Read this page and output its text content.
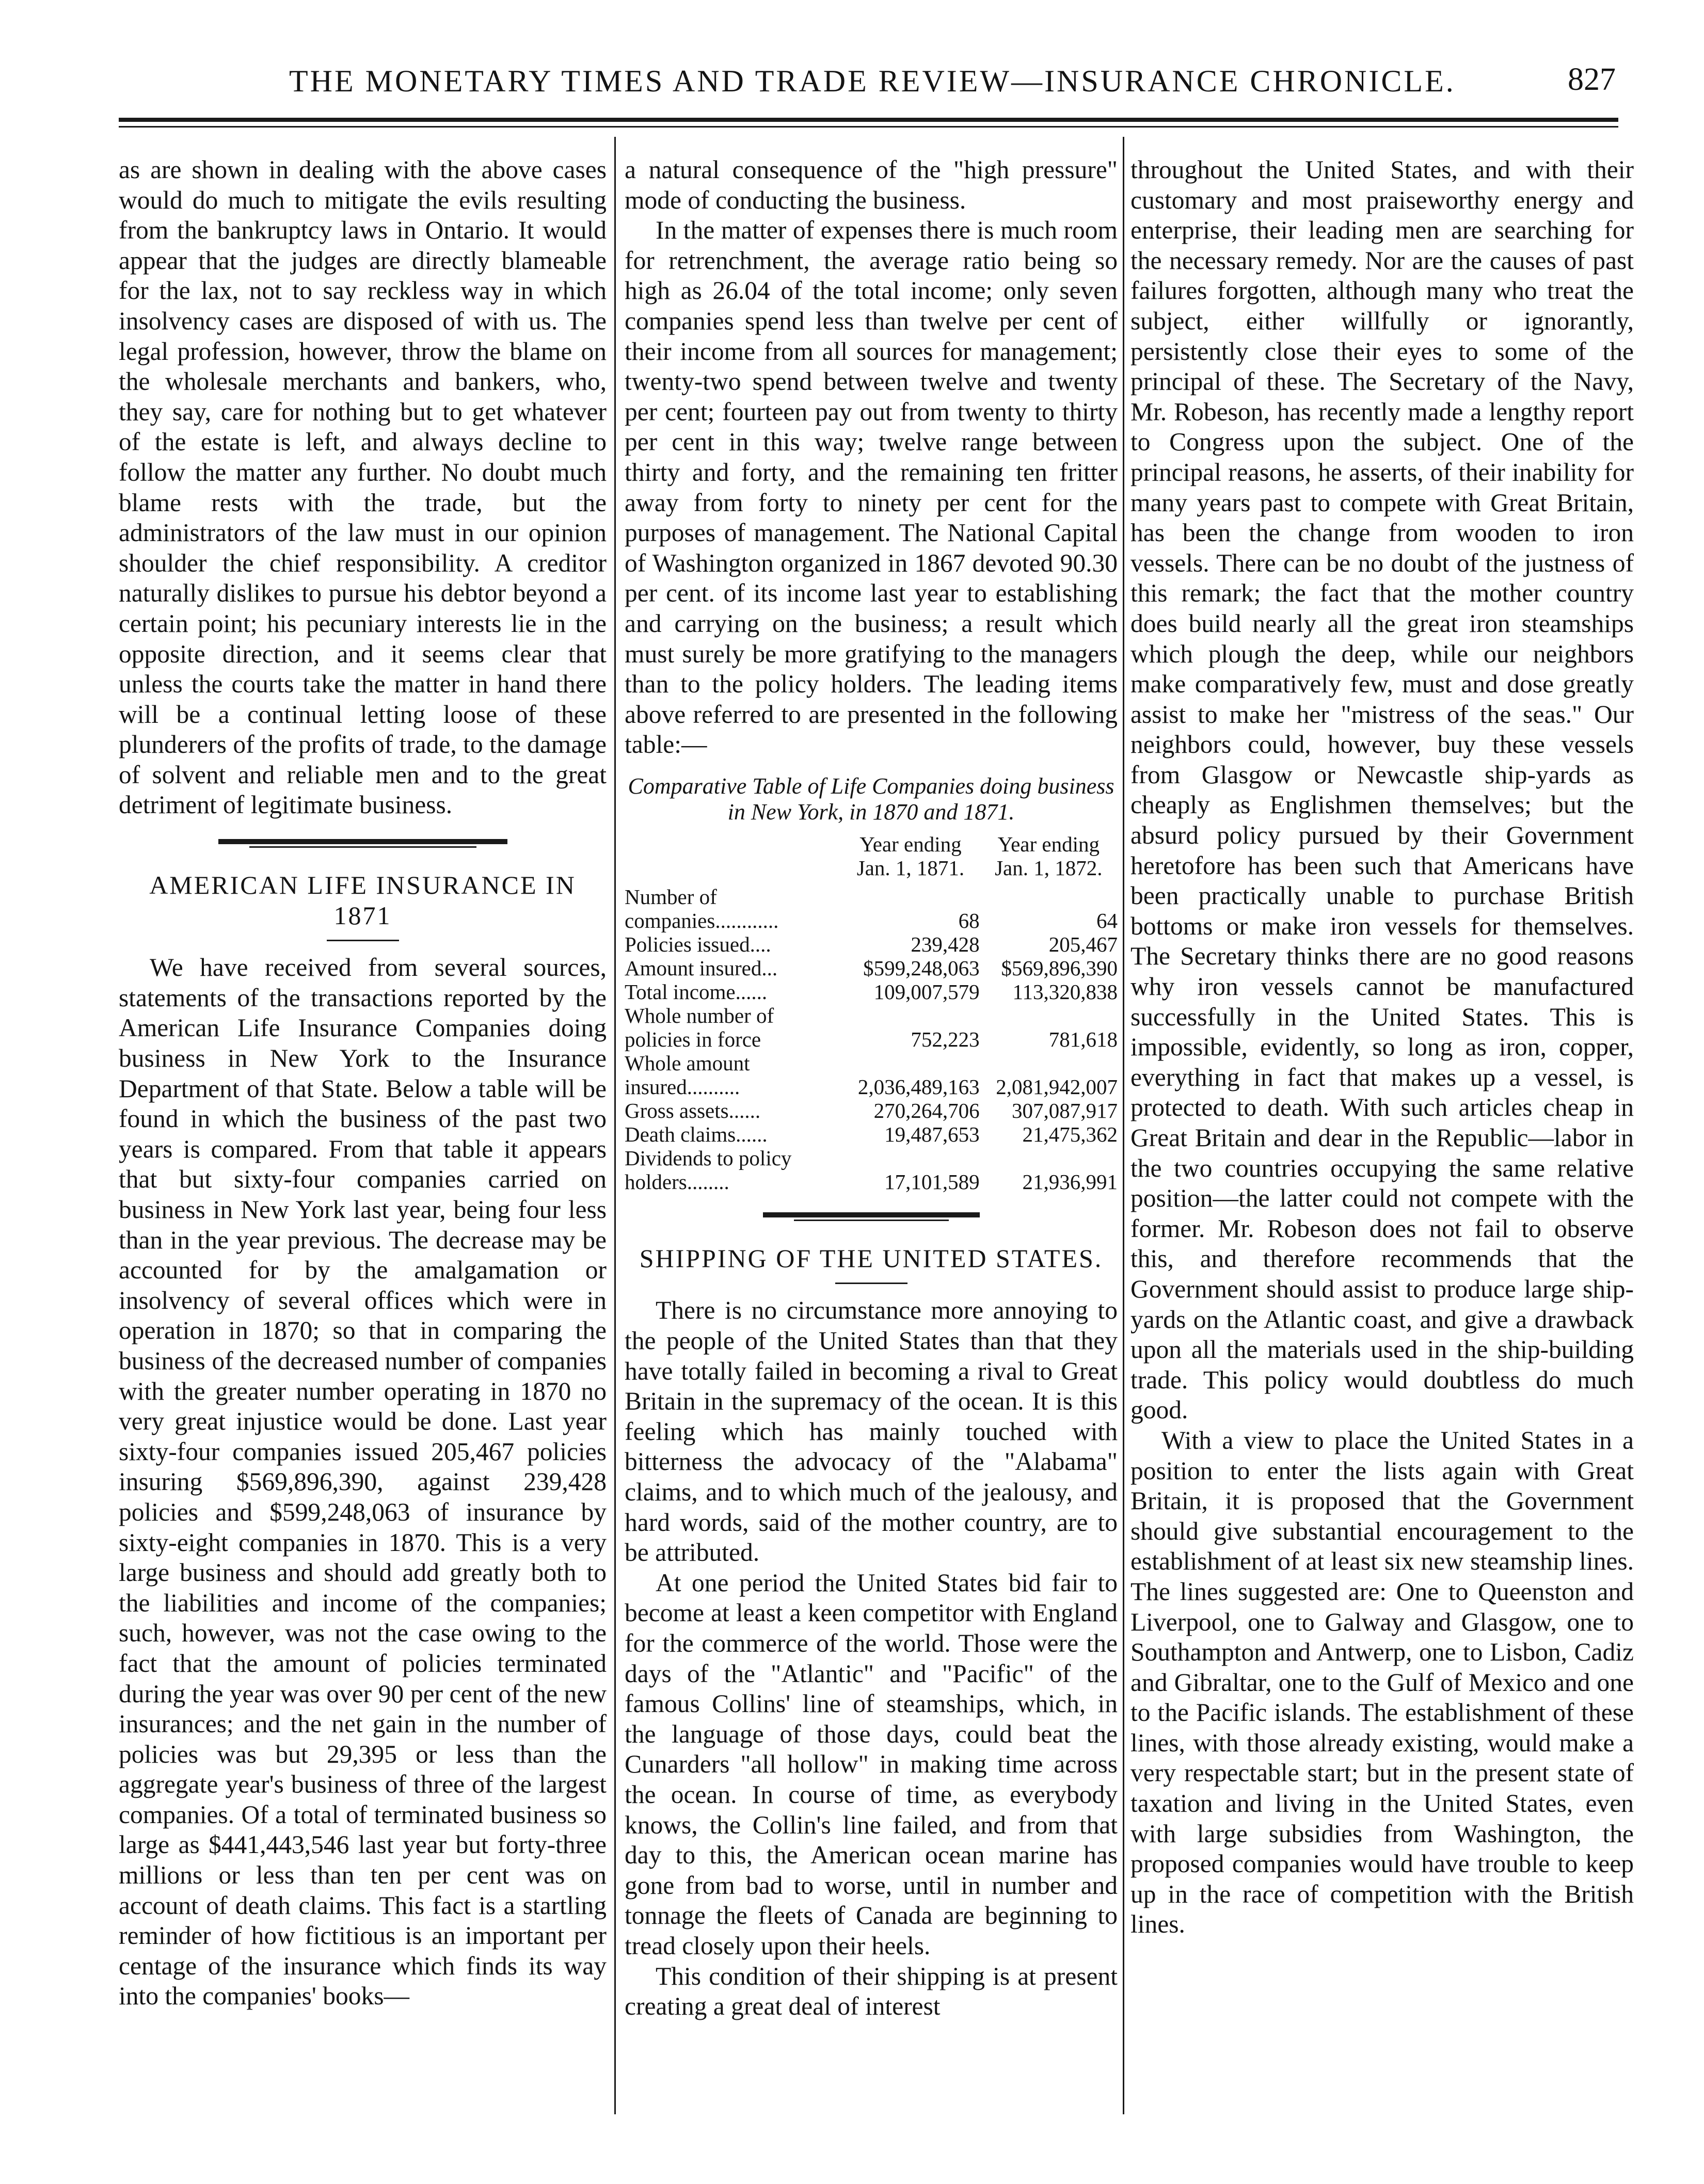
THE MONETARY TIMES AND TRADE REVIEW—INSURANCE CHRONICLE.	827

as are shown in dealing with the above cases would do much to mitigate the evils resulting from the bankruptcy laws in Ontario. It would appear that the judges are directly blameable for the lax, not to say reckless way in which insolvency cases are disposed of with us. The legal profession, however, throw the blame on the wholesale merchants and bankers, who, they say, care for nothing but to get whatever of the estate is left, and always decline to follow the matter any further. No doubt much blame rests with the trade, but the administrators of the law must in our opinion shoulder the chief responsibility. A creditor naturally dislikes to pursue his debtor beyond a certain point; his pecuniary interests lie in the opposite direction, and it seems clear that unless the courts take the matter in hand there will be a continual letting loose of these plunderers of the profits of trade, to the damage of solvent and reliable men and to the great detriment of legitimate business.

AMERICAN LIFE INSURANCE IN 1871

We have received from several sources, statements of the transactions reported by the American Life Insurance Companies doing business in New York to the Insurance Department of that State. Below a table will be found in which the business of the past two years is compared. From that table it appears that but sixty-four companies carried on business in New York last year, being four less than in the year previous. The decrease may be accounted for by the amalgamation or insolvency of several offices which were in operation in 1870; so that in comparing the business of the decreased number of companies with the greater number operating in 1870 no very great injustice would be done. Last year sixty-four companies issued 205,467 policies insuring $569,896,390, against 239,428 policies and $599,248,063 of insurance by sixty-eight companies in 1870. This is a very large business and should add greatly both to the liabilities and income of the companies; such, however, was not the case owing to the fact that the amount of policies terminated during the year was over 90 per cent of the new insurances; and the net gain in the number of policies was but 29,395 or less than the aggregate year's business of three of the largest companies. Of a total of terminated business so large as $441,443,546 last year but forty-three millions or less than ten per cent was on account of death claims. This fact is a startling reminder of how fictitious is an important per centage of the insurance which finds its way into the companies' books—

a natural consequence of the "high pressure" mode of conducting the business.

In the matter of expenses there is much room for retrenchment, the average ratio being so high as 26.04 of the total income; only seven companies spend less than twelve per cent of their income from all sources for management; twenty-two spend between twelve and twenty per cent; fourteen pay out from twenty to thirty per cent in this way; twelve range between thirty and forty, and the remaining ten fritter away from forty to ninety per cent for the purposes of management. The National Capital of Washington organized in 1867 devoted 90.30 per cent. of its income last year to establishing and carrying on the business; a result which must surely be more gratifying to the managers than to the policy holders. The leading items above referred to are presented in the following table:—

Comparative Table of Life Companies doing business in New York, in 1870 and 1871.
	Year ending Jan. 1, 1871.	Year ending Jan. 1, 1872.
Number of companies............	68	64
Policies issued....	239,428	205,467
Amount insured...	$599,248,063	$569,896,390
Total income......	109,007,579	113,320,838
Whole number of policies in force	752,223	781,618
Whole amount insured..........	2,036,489,163	2,081,942,007
Gross assets......	270,264,706	307,087,917
Death claims......	19,487,653	21,475,362
Dividends to policy holders........	17,101,589	21,936,991
SHIPPING OF THE UNITED STATES.

There is no circumstance more annoying to the people of the United States than that they have totally failed in becoming a rival to Great Britain in the supremacy of the ocean. It is this feeling which has mainly touched with bitterness the advocacy of the "Alabama" claims, and to which much of the jealousy, and hard words, said of the mother country, are to be attributed.

At one period the United States bid fair to become at least a keen competitor with England for the commerce of the world. Those were the days of the "Atlantic" and "Pacific" of the famous Collins' line of steamships, which, in the language of those days, could beat the Cunarders "all hollow" in making time across the ocean. In course of time, as everybody knows, the Collin's line failed, and from that day to this, the American ocean marine has gone from bad to worse, until in number and tonnage the fleets of Canada are beginning to tread closely upon their heels.

This condition of their shipping is at present creating a great deal of interest

throughout the United States, and with their customary and most praiseworthy energy and enterprise, their leading men are searching for the necessary remedy. Nor are the causes of past failures forgotten, although many who treat the subject, either willfully or ignorantly, persistently close their eyes to some of the principal of these. The Secretary of the Navy, Mr. Robeson, has recently made a lengthy report to Congress upon the subject. One of the principal reasons, he asserts, of their inability for many years past to compete with Great Britain, has been the change from wooden to iron vessels. There can be no doubt of the justness of this remark; the fact that the mother country does build nearly all the great iron steamships which plough the deep, while our neighbors make comparatively few, must and dose greatly assist to make her "mistress of the seas." Our neighbors could, however, buy these vessels from Glasgow or Newcastle ship-yards as cheaply as Englishmen themselves; but the absurd policy pursued by their Government heretofore has been such that Americans have been practically unable to purchase British bottoms or make iron vessels for themselves. The Secretary thinks there are no good reasons why iron vessels cannot be manufactured successfully in the United States. This is impossible, evidently, so long as iron, copper, everything in fact that makes up a vessel, is protected to death. With such articles cheap in Great Britain and dear in the Republic—labor in the two countries occupying the same relative position—the latter could not compete with the former. Mr. Robeson does not fail to observe this, and therefore recommends that the Government should assist to produce large ship-yards on the Atlantic coast, and give a drawback upon all the materials used in the ship-building trade. This policy would doubtless do much good.

With a view to place the United States in a position to enter the lists again with Great Britain, it is proposed that the Government should give substantial encouragement to the establishment of at least six new steamship lines. The lines suggested are: One to Queenston and Liverpool, one to Galway and Glasgow, one to Southampton and Antwerp, one to Lisbon, Cadiz and Gibraltar, one to the Gulf of Mexico and one to the Pacific islands. The establishment of these lines, with those already existing, would make a very respectable start; but in the present state of taxation and living in the United States, even with large subsidies from Washington, the proposed companies would have trouble to keep up in the race of competition with the British lines.
